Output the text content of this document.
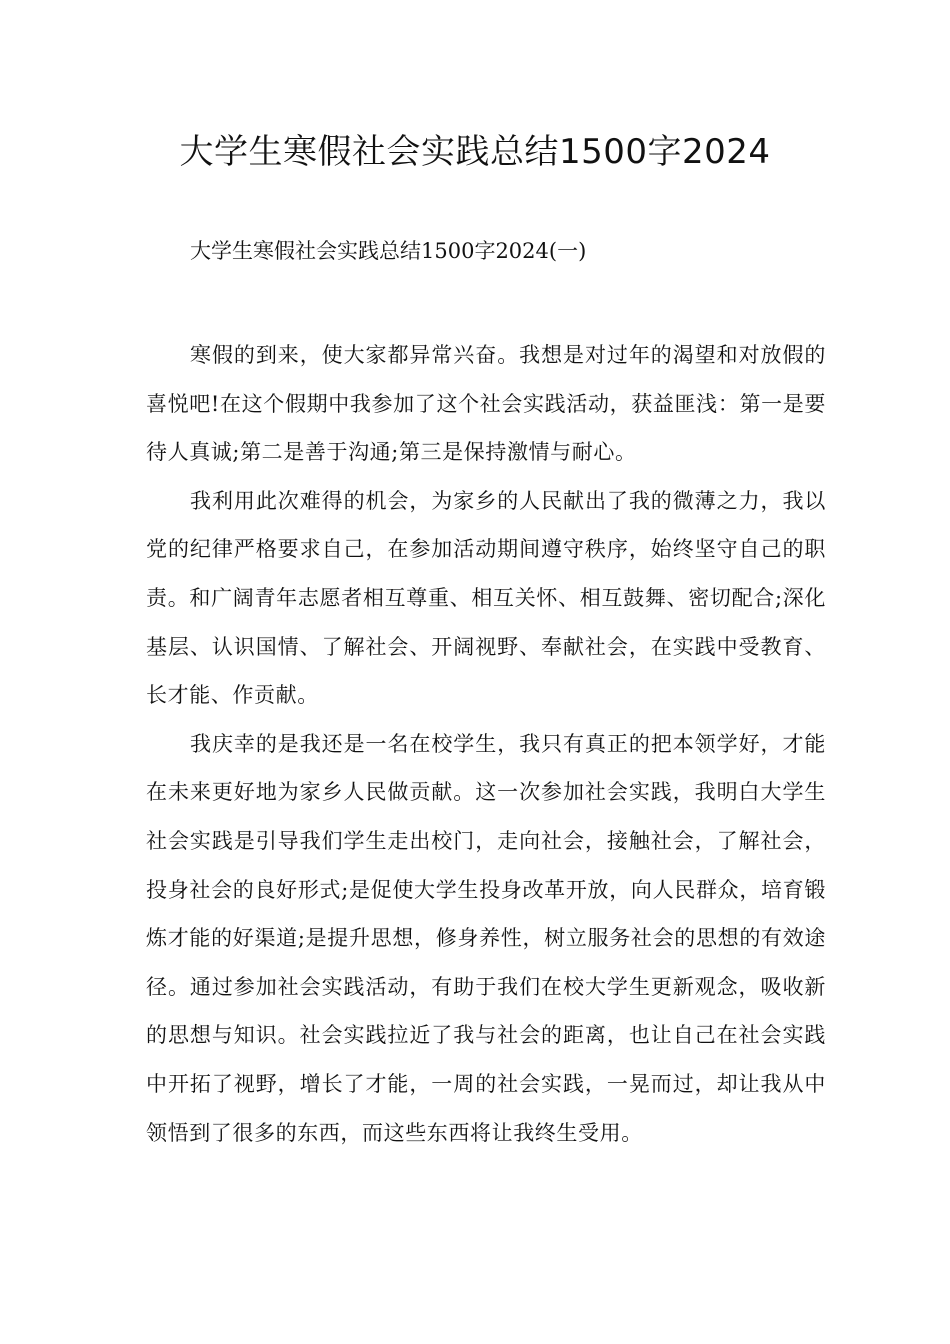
大学生寒假社会实践总结1500字2024

大学生寒假社会实践总结1500字2024(一)

寒假的到来，使大家都异常兴奋。我想是对过年的渴望和对放假的喜悦吧!在这个假期中我参加了这个社会实践活动，获益匪浅：第一是要待人真诚;第二是善于沟通;第三是保持激情与耐心。

我利用此次难得的机会，为家乡的人民献出了我的微薄之力，我以党的纪律严格要求自己，在参加活动期间遵守秩序，始终坚守自己的职责。和广阔青年志愿者相互尊重、相互关怀、相互鼓舞、密切配合;深化基层、认识国情、了解社会、开阔视野、奉献社会，在实践中受教育、长才能、作贡献。

我庆幸的是我还是一名在校学生，我只有真正的把本领学好，才能在未来更好地为家乡人民做贡献。这一次参加社会实践，我明白大学生社会实践是引导我们学生走出校门，走向社会，接触社会，了解社会，投身社会的良好形式;是促使大学生投身改革开放，向人民群众，培育锻炼才能的好渠道;是提升思想，修身养性，树立服务社会的思想的有效途径。通过参加社会实践活动，有助于我们在校大学生更新观念，吸收新的思想与知识。社会实践拉近了我与社会的距离，也让自己在社会实践中开拓了视野，增长了才能，一周的社会实践，一晃而过，却让我从中领悟到了很多的东西，而这些东西将让我终生受用。
